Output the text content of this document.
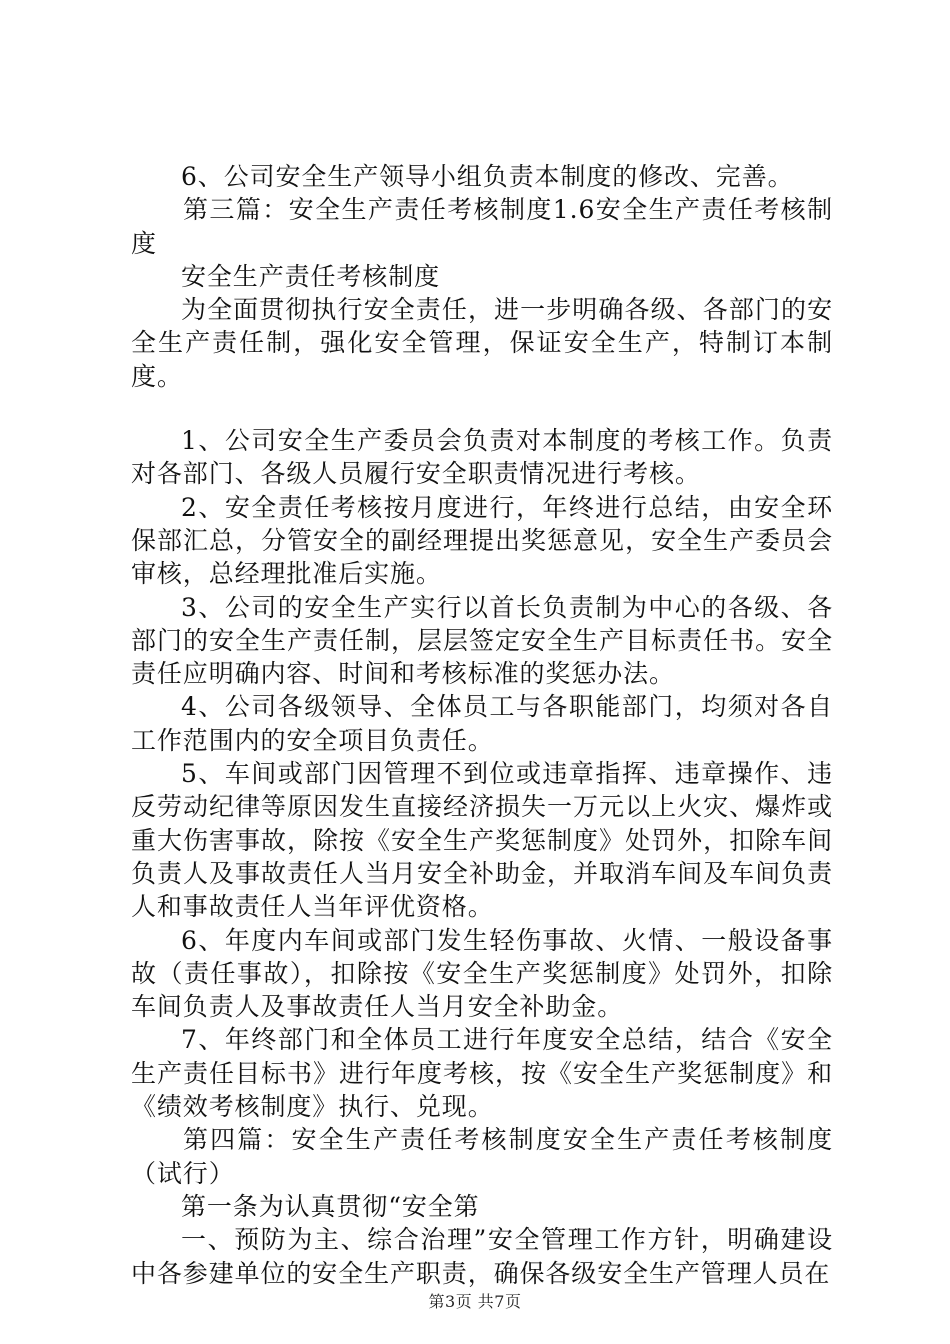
6、公司安全生产领导小组负责本制度的修改、完善。

第三篇：安全生产责任考核制度1.6安全生产责任考核制度

安全生产责任考核制度

为全面贯彻执行安全责任，进一步明确各级、各部门的安全生产责任制，强化安全管理，保证安全生产，特制订本制度。

1、公司安全生产委员会负责对本制度的考核工作。负责对各部门、各级人员履行安全职责情况进行考核。

2、安全责任考核按月度进行，年终进行总结，由安全环保部汇总，分管安全的副经理提出奖惩意见，安全生产委员会审核，总经理批准后实施。

3、公司的安全生产实行以首长负责制为中心的各级、各部门的安全生产责任制，层层签定安全生产目标责任书。安全责任应明确内容、时间和考核标准的奖惩办法。

4、公司各级领导、全体员工与各职能部门，均须对各自工作范围内的安全项目负责任。

5、车间或部门因管理不到位或违章指挥、违章操作、违反劳动纪律等原因发生直接经济损失一万元以上火灾、爆炸或重大伤害事故，除按《安全生产奖惩制度》处罚外，扣除车间负责人及事故责任人当月安全补助金，并取消车间及车间负责人和事故责任人当年评优资格。

6、年度内车间或部门发生轻伤事故、火情、一般设备事故（责任事故），扣除按《安全生产奖惩制度》处罚外，扣除车间负责人及事故责任人当月安全补助金。

7、年终部门和全体员工进行年度安全总结，结合《安全生产责任目标书》进行年度考核，按《安全生产奖惩制度》和《绩效考核制度》执行、兑现。

第四篇：安全生产责任考核制度安全生产责任考核制度（试行）

第一条为认真贯彻“安全第

一、预防为主、综合治理”安全管理工作方针，明确建设中各参建单位的安全生产职责，确保各级安全生产管理人员在

第3页 共7页
